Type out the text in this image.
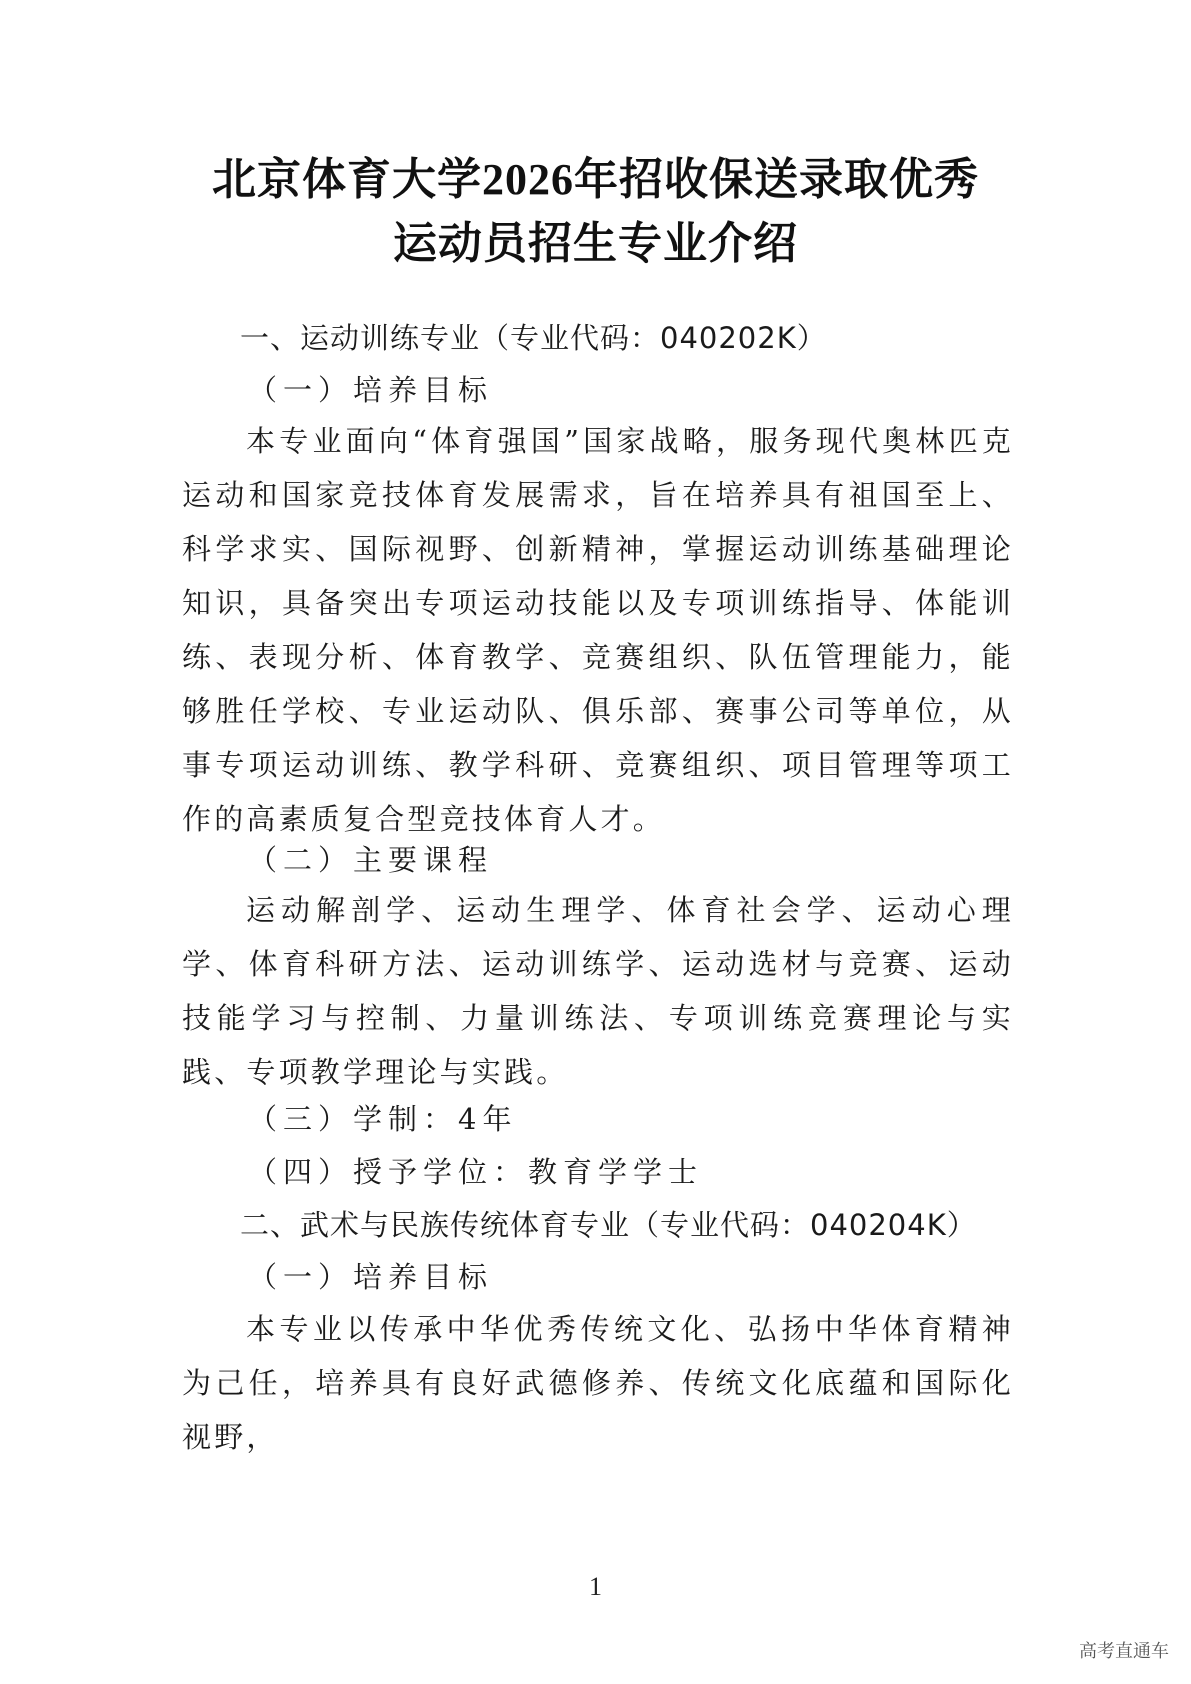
北京体育大学2026年招收保送录取优秀
运动员招生专业介绍
一、运动训练专业（专业代码：040202K）
（一）培养目标
本专业面向“体育强国”国家战略，服务现代奥林匹克运动和国家竞技体育发展需求，旨在培养具有祖国至上、科学求实、国际视野、创新精神，掌握运动训练基础理论知识，具备突出专项运动技能以及专项训练指导、体能训练、表现分析、体育教学、竞赛组织、队伍管理能力，能够胜任学校、专业运动队、俱乐部、赛事公司等单位，从事专项运动训练、教学科研、竞赛组织、项目管理等项工作的高素质复合型竞技体育人才。
（二）主要课程
运动解剖学、运动生理学、体育社会学、运动心理学、体育科研方法、运动训练学、运动选材与竞赛、运动技能学习与控制、力量训练法、专项训练竞赛理论与实践、专项教学理论与实践。
（三）学制：4年
（四）授予学位：教育学学士
二、武术与民族传统体育专业（专业代码：040204K）
（一）培养目标
本专业以传承中华优秀传统文化、弘扬中华体育精神为己任，培养具有良好武德修养、传统文化底蕴和国际化视野，
1
高考直通车
